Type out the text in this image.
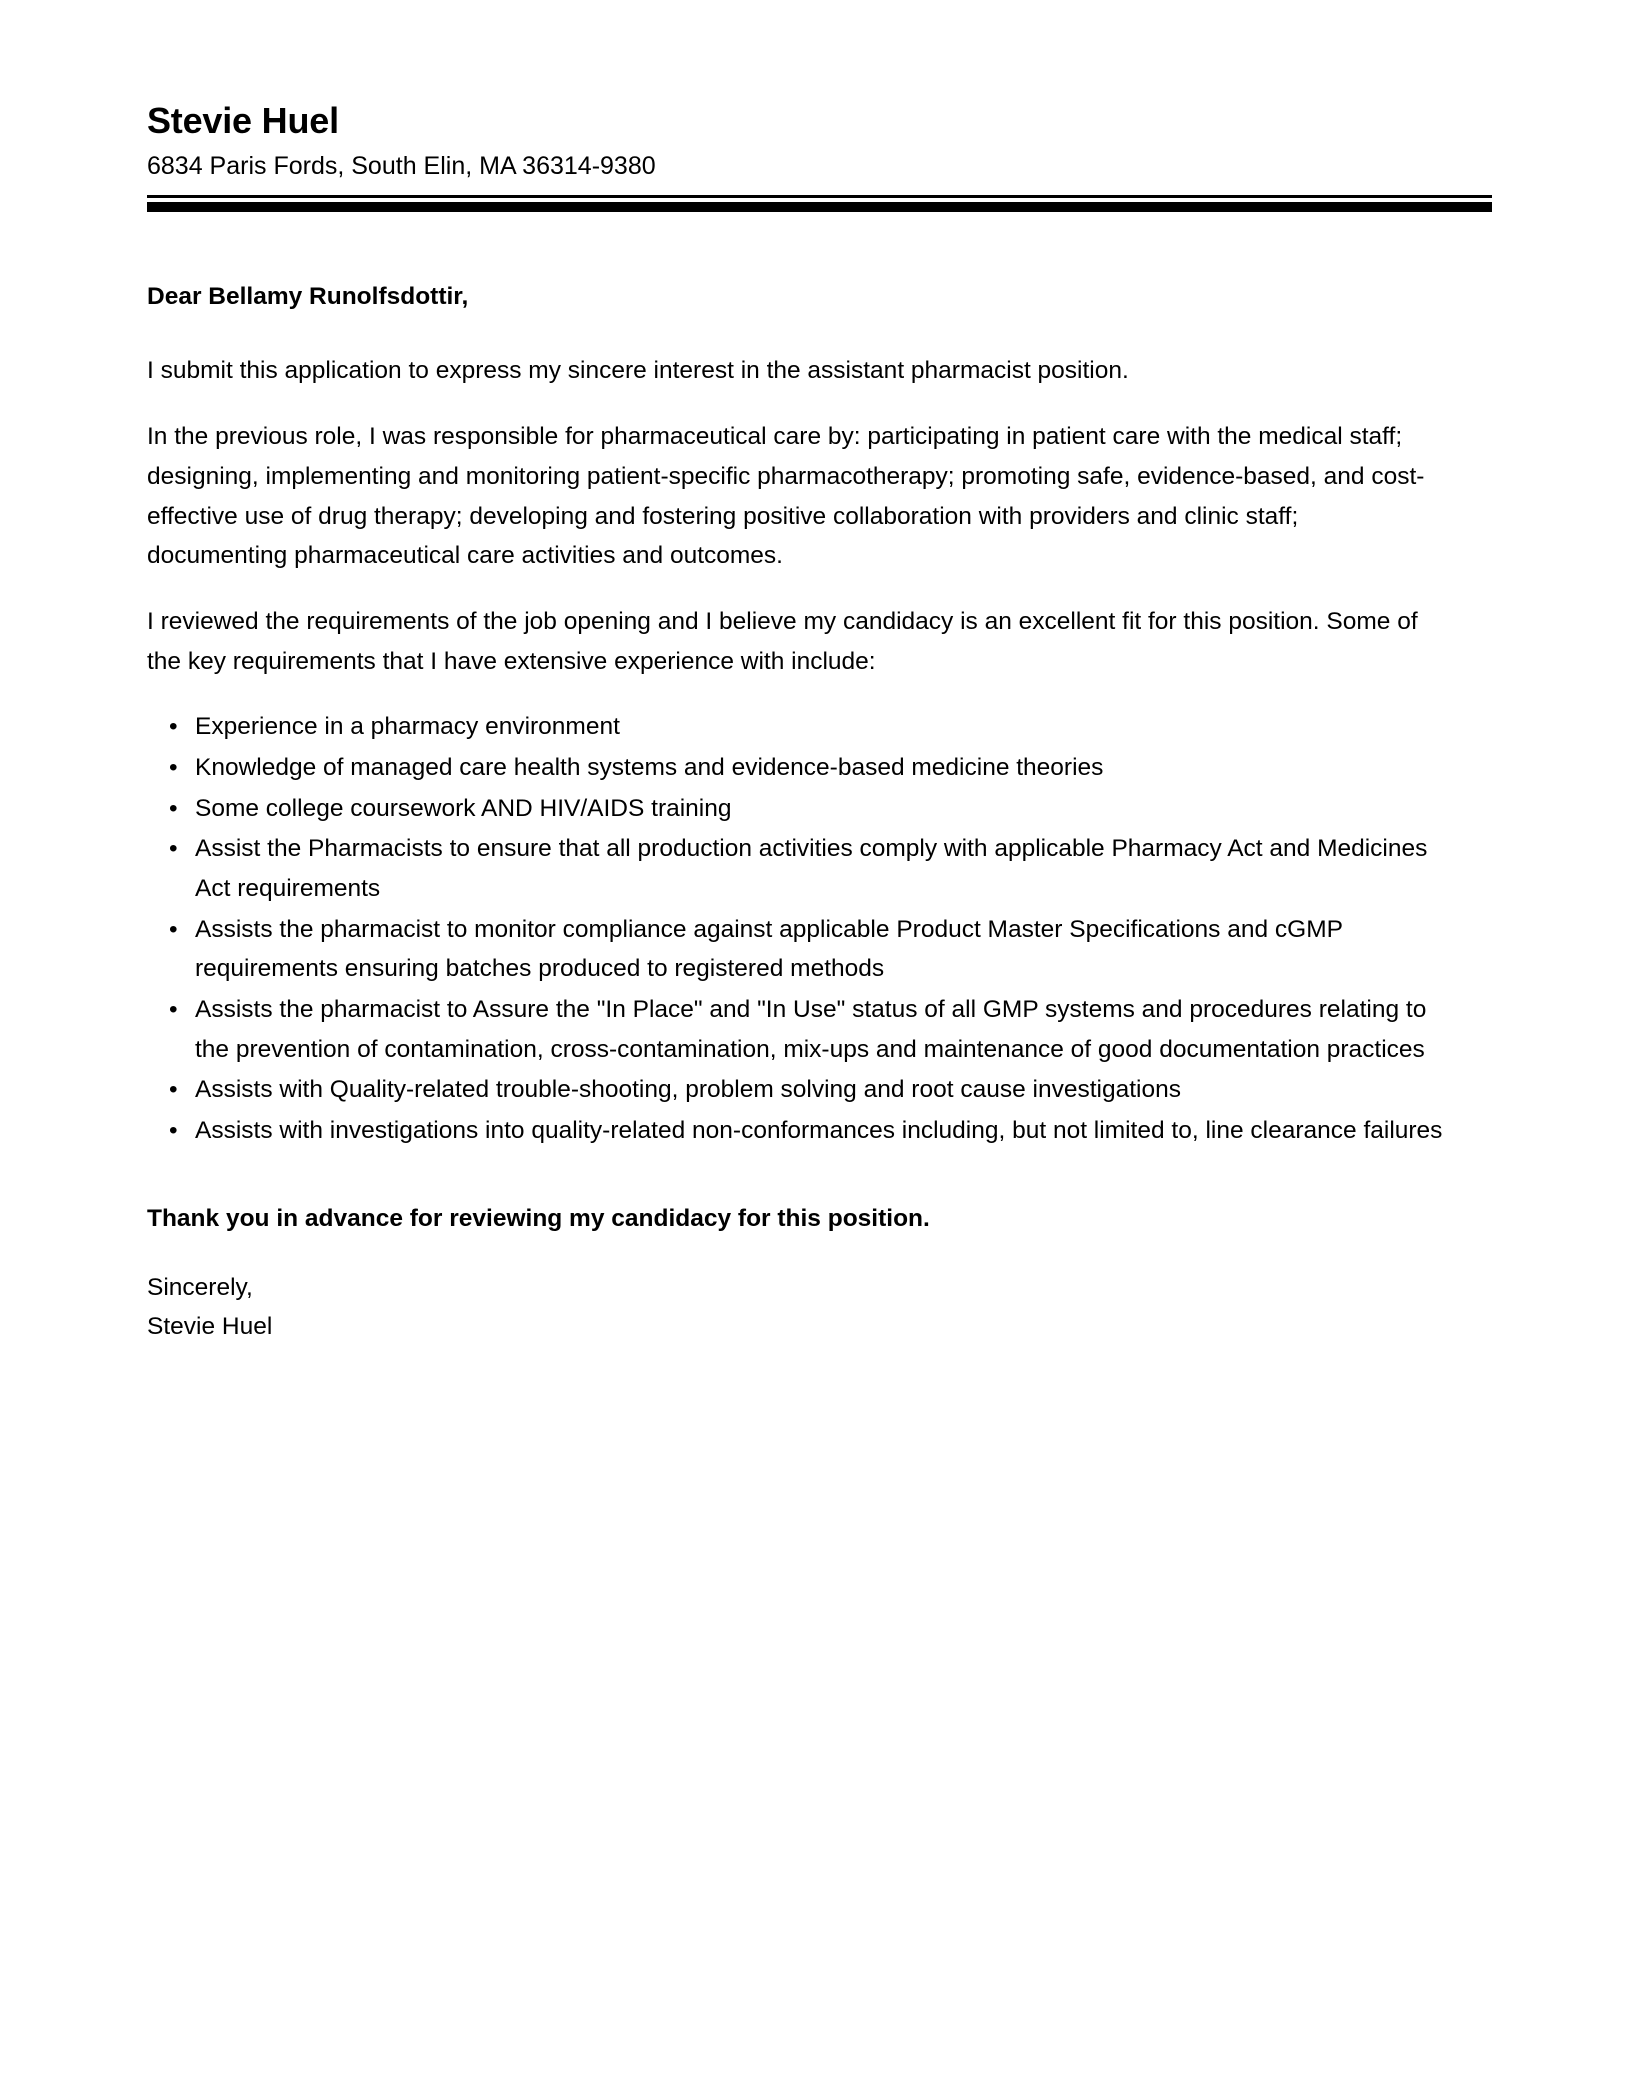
Stevie Huel
6834 Paris Fords, South Elin, MA 36314-9380
Dear Bellamy Runolfsdottir,

I submit this application to express my sincere interest in the assistant pharmacist position.

In the previous role, I was responsible for pharmaceutical care by: participating in patient care with the medical staff; designing, implementing and monitoring patient-specific pharmacotherapy; promoting safe, evidence-based, and cost-effective use of drug therapy; developing and fostering positive collaboration with providers and clinic staff; documenting pharmaceutical care activities and outcomes.

I reviewed the requirements of the job opening and I believe my candidacy is an excellent fit for this position. Some of the key requirements that I have extensive experience with include:

• Experience in a pharmacy environment
• Knowledge of managed care health systems and evidence-based medicine theories
• Some college coursework AND HIV/AIDS training
• Assist the Pharmacists to ensure that all production activities comply with applicable Pharmacy Act and Medicines Act requirements
• Assists the pharmacist to monitor compliance against applicable Product Master Specifications and cGMP requirements ensuring batches produced to registered methods
• Assists the pharmacist to Assure the "In Place" and "In Use" status of all GMP systems and procedures relating to the prevention of contamination, cross-contamination, mix-ups and maintenance of good documentation practices
• Assists with Quality-related trouble-shooting, problem solving and root cause investigations
• Assists with investigations into quality-related non-conformances including, but not limited to, line clearance failures
Thank you in advance for reviewing my candidacy for this position.
Sincerely,
Stevie Huel
